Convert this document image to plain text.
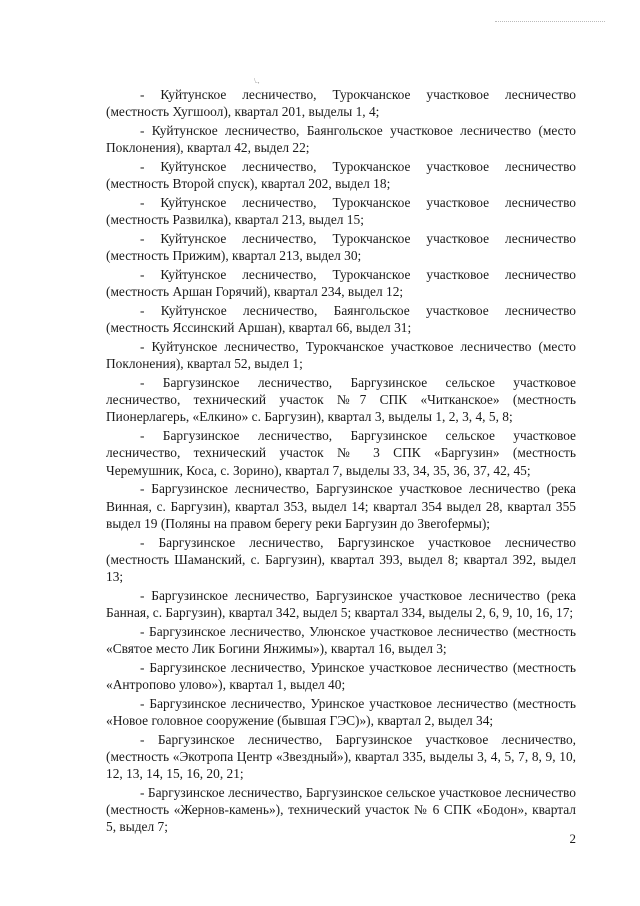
\.,

- Куйтунское лесничество, Турокчанское участковое лесничество (местность Хугшоол), квартал 201, выделы 1, 4;

- Куйтунское лесничество, Баянгольское участковое лесничество (место Поклонения), квартал 42, выдел 22;

- Куйтунское лесничество, Турокчанское участковое лесничество (местность Второй спуск), квартал 202, выдел 18;

- Куйтунское лесничество, Турокчанское участковое лесничество (местность Развилка), квартал 213, выдел 15;

- Куйтунское лесничество, Турокчанское участковое лесничество (местность Прижим), квартал 213, выдел 30;

- Куйтунское лесничество, Турокчанское участковое лесничество (местность Аршан Горячий), квартал 234, выдел 12;

- Куйтунское лесничество, Баянгольское участковое лесничество (местность Яссинский Аршан), квартал 66, выдел 31;

- Куйтунское лесничество, Турокчанское участковое лесничество (место Поклонения), квартал 52, выдел 1;

- Баргузинское лесничество, Баргузинское сельское участковое лесничество, технический участок №7 СПК «Читканское» (местность Пионерлагерь, «Елкино» с. Баргузин), квартал 3, выделы 1, 2, 3, 4, 5, 8;

- Баргузинское лесничество, Баргузинское сельское участковое лесничество, технический участок № 3 СПК «Баргузин» (местность Черемушник, Коса, с. Зорино), квартал 7, выделы 33, 34, 35, 36, 37, 42, 45;

- Баргузинское лесничество, Баргузинское участковое лесничество (река Винная, с. Баргузин), квартал 353, выдел 14; квартал 354 выдел 28, квартал 355 выдел 19 (Поляны на правом берегу реки Баргузин до Звerofермы);

- Баргузинское лесничество, Баргузинское участковое лесничество (местность Шаманский, с. Баргузин), квартал 393, выдел 8; квартал 392, выдел 13;

- Баргузинское лесничество, Баргузинское участковое лесничество (река Банная, с. Баргузин), квартал 342, выдел 5; квартал 334, выделы 2, 6, 9, 10, 16, 17;

- Баргузинское лесничество, Улюнское участковое лесничество (местность «Святое место Лик Богини Янжимы»), квартал 16, выдел 3;

- Баргузинское лесничество, Уринское участковое лесничество (местность «Антропово улово»), квартал 1, выдел 40;

- Баргузинское лесничество, Уринское участковое лесничество (местность «Новое головное сооружение (бывшая ГЭС)»), квартал 2, выдел 34;

- Баргузинское лесничество, Баргузинское участковое лесничество, (местность «Экотропа Центр «Звездный»), квартал 335, выделы 3, 4, 5, 7, 8, 9, 10, 12, 13, 14, 15, 16, 20, 21;

- Баргузинское лесничество, Баргузинское сельское участковое лесничество (местность «Жернов-камень»), технический участок № 6 СПК «Бодон», квартал 5, выдел 7;

2
